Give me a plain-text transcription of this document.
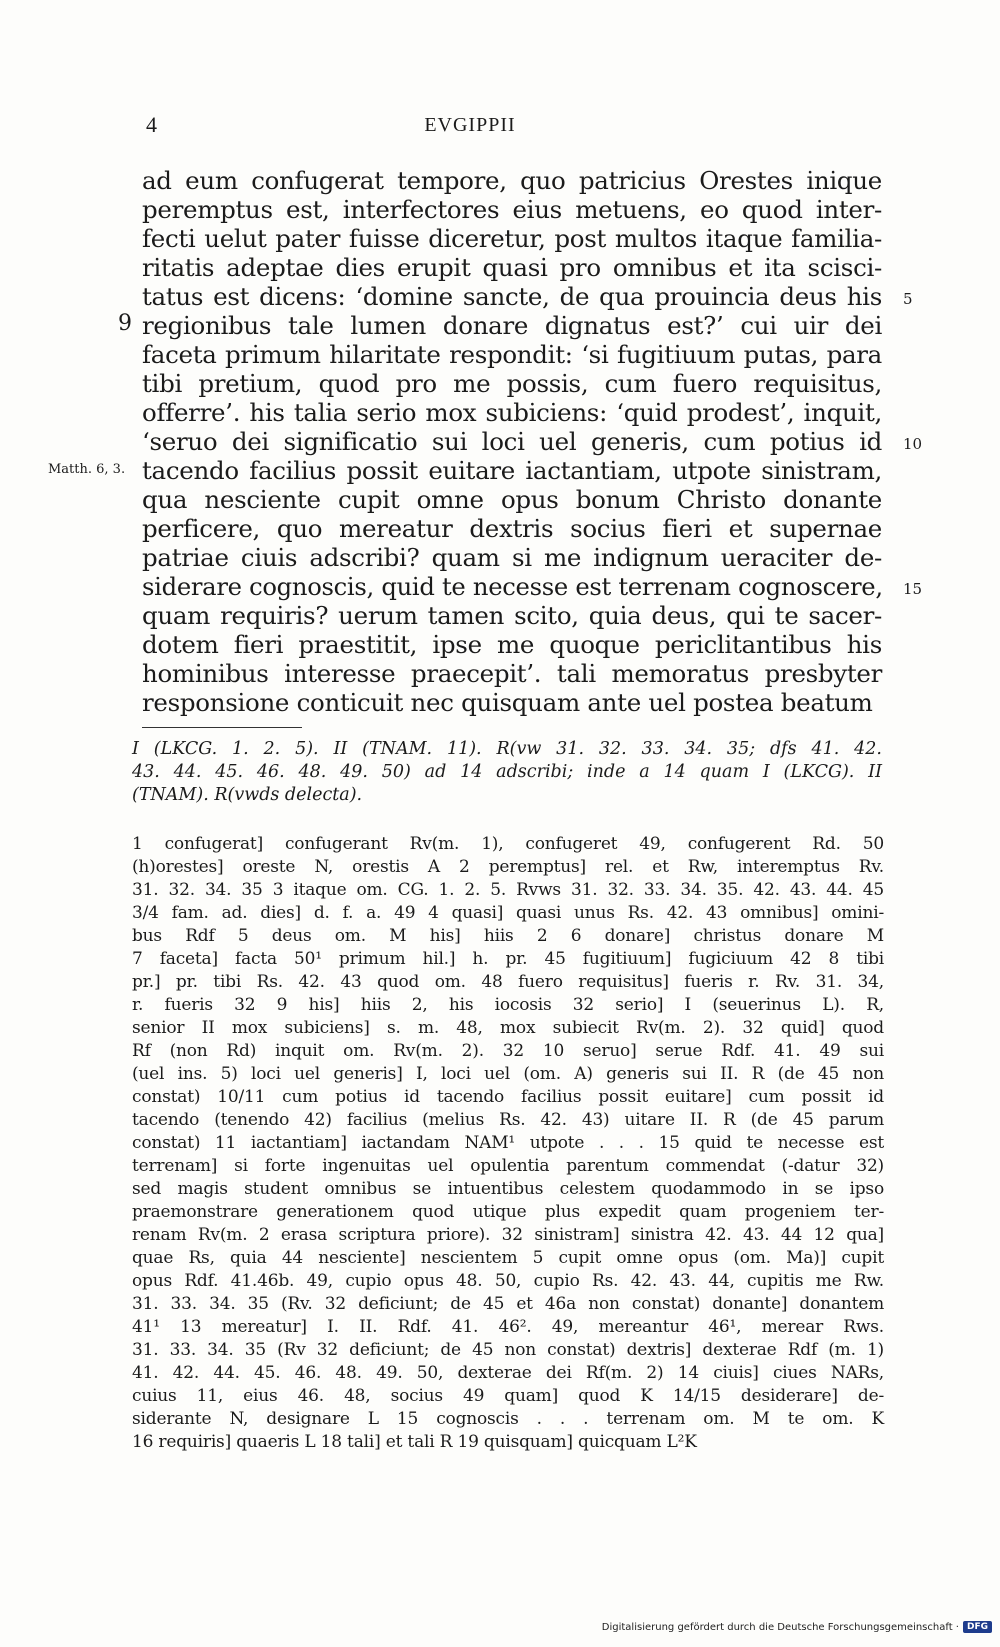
4	EVGIPPII
ad eum confugerat tempore, quo patricius Orestes inique
peremptus est, interfectores eius metuens, eo quod inter-
fecti uelut pater fuisse diceretur, post multos itaque familia-
ritatis adeptae dies erupit quasi pro omnibus et ita scisci-
tatus est dicens: ‘domine sancte, de qua prouincia deus his
regionibus tale lumen donare dignatus est?’ cui uir dei
faceta primum hilaritate respondit: ‘si fugitiuum putas, para
tibi pretium, quod pro me possis, cum fuero requisitus,
offerre’. his talia serio mox subiciens: ‘quid prodest’, inquit,
‘seruo dei significatio sui loci uel generis, cum potius id
tacendo facilius possit euitare iactantiam, utpote sinistram,
qua nesciente cupit omne opus bonum Christo donante
perficere, quo mereatur dextris socius fieri et supernae
patriae ciuis adscribi? quam si me indignum ueraciter de-
siderare cognoscis, quid te necesse est terrenam cognoscere,
quam requiris? uerum tamen scito, quia deus, qui te sacer-
dotem fieri praestitit, ipse me quoque periclitantibus his
hominibus interesse praecepit’. tali memoratus presbyter
responsione conticuit nec quisquam ante uel postea beatum
9
Matth. 6, 3.
5
10
15
I (LKCG. 1. 2. 5). II (TNAM. 11). R(vw 31. 32. 33. 34. 35; dfs 41. 42.
43. 44. 45. 46. 48. 49. 50) ad 14 adscribi; inde a 14 quam I (LKCG). II
(TNAM). R(vwds delecta).
1 confugerat] confugerant Rv(m. 1), confugeret 49, confugerent Rd. 50
(h)orestes] oreste N, orestis A 2 peremptus] rel. et Rw, interemptus Rv.
31. 32. 34. 35 3 itaque om. CG. 1. 2. 5. Rvws 31. 32. 33. 34. 35. 42. 43. 44. 45
3/4 fam. ad. dies] d. f. a. 49 4 quasi] quasi unus Rs. 42. 43 omnibus] omini-
bus Rdf 5 deus om. M his] hiis 2 6 donare] christus donare M
7 faceta] facta 50¹ primum hil.] h. pr. 45 fugitiuum] fugiciuum 42 8 tibi
pr.] pr. tibi Rs. 42. 43 quod om. 48 fuero requisitus] fueris r. Rv. 31. 34,
r. fueris 32 9 his] hiis 2, his iocosis 32 serio] I (seuerinus L). R,
senior II mox subiciens] s. m. 48, mox subiecit Rv(m. 2). 32 quid] quod
Rf (non Rd) inquit om. Rv(m. 2). 32 10 seruo] serue Rdf. 41. 49 sui
(uel ins. 5) loci uel generis] I, loci uel (om. A) generis sui II. R (de 45 non
constat) 10/11 cum potius id tacendo facilius possit euitare] cum possit id
tacendo (tenendo 42) facilius (melius Rs. 42. 43) uitare II. R (de 45 parum
constat) 11 iactantiam] iactandam NAM¹ utpote . . . 15 quid te necesse est
terrenam] si forte ingenuitas uel opulentia parentum commendat (-datur 32)
sed magis student omnibus se intuentibus celestem quodammodo in se ipso
praemonstrare generationem quod utique plus expedit quam progeniem ter-
renam Rv(m. 2 erasa scriptura priore). 32 sinistram] sinistra 42. 43. 44 12 qua]
quae Rs, quia 44 nesciente] nescientem 5 cupit omne opus (om. Ma)] cupit
opus Rdf. 41.46b. 49, cupio opus 48. 50, cupio Rs. 42. 43. 44, cupitis me Rw.
31. 33. 34. 35 (Rv. 32 deficiunt; de 45 et 46a non constat) donante] donantem
41¹ 13 mereatur] I. II. Rdf. 41. 46². 49, mereantur 46¹, merear Rws.
31. 33. 34. 35 (Rv 32 deficiunt; de 45 non constat) dextris] dexterae Rdf (m. 1)
41. 42. 44. 45. 46. 48. 49. 50, dexterae dei Rf(m. 2) 14 ciuis] ciues NARs,
cuius 11, eius 46. 48, socius 49 quam] quod K 14/15 desiderare] de-
siderante N, designare L 15 cognoscis . . . terrenam om. M te om. K
16 requiris] quaeris L 18 tali] et tali R 19 quisquam] quicquam L²K
Digitalisierung gefördert durch die Deutsche Forschungsgemeinschaft · DFG
